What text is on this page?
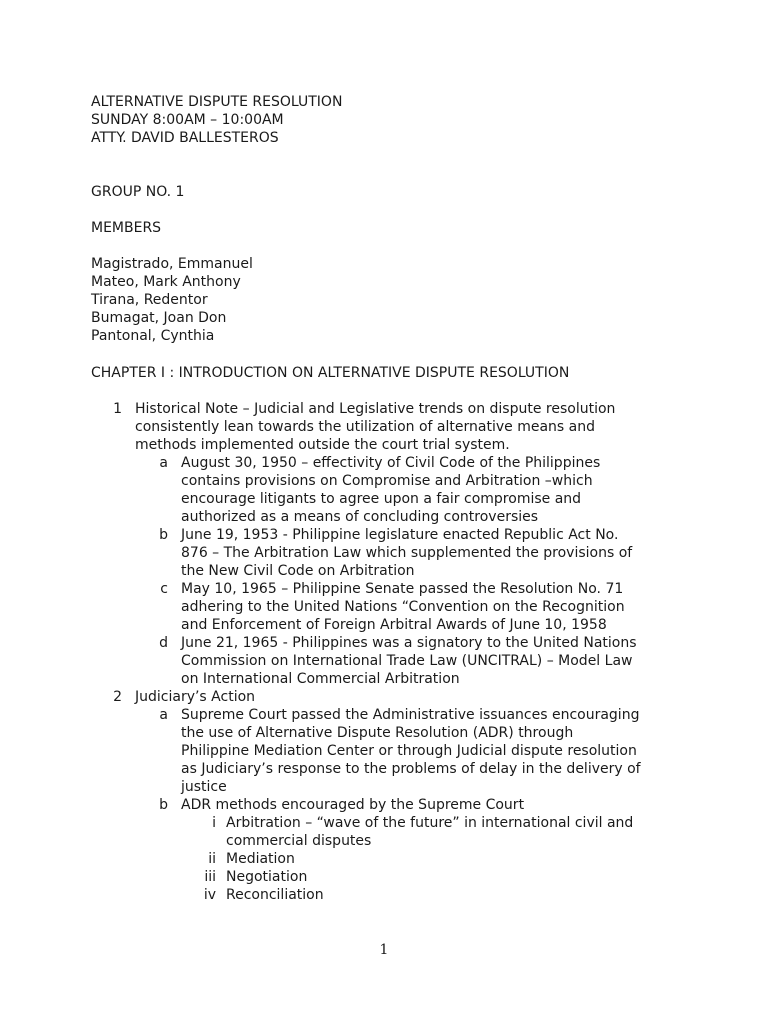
ALTERNATIVE DISPUTE RESOLUTION
SUNDAY 8:00AM – 10:00AM
ATTY. DAVID BALLESTEROS
GROUP NO. 1
MEMBERS
Magistrado, Emmanuel
Mateo, Mark Anthony
Tirana, Redentor
Bumagat, Joan Don
Pantonal, Cynthia
CHAPTER I : INTRODUCTION ON ALTERNATIVE DISPUTE RESOLUTION
1 Historical Note – Judicial and Legislative trends on dispute resolution
consistently lean towards the utilization of alternative means and
methods implemented outside the court trial system.
a August 30, 1950 – effectivity of Civil Code of the Philippines
contains provisions on Compromise and Arbitration –which
encourage litigants to agree upon a fair compromise and
authorized as a means of concluding controversies
b June 19, 1953 - Philippine legislature enacted Republic Act No.
876 – The Arbitration Law which supplemented the provisions of
the New Civil Code on Arbitration
c May 10, 1965 – Philippine Senate passed the Resolution No. 71
adhering to the United Nations “Convention on the Recognition
and Enforcement of Foreign Arbitral Awards of June 10, 1958
d June 21, 1965 - Philippines was a signatory to the United Nations
Commission on International Trade Law (UNCITRAL) – Model Law
on International Commercial Arbitration
2 Judiciary’s Action
a Supreme Court passed the Administrative issuances encouraging
the use of Alternative Dispute Resolution (ADR) through
Philippine Mediation Center or through Judicial dispute resolution
as Judiciary’s response to the problems of delay in the delivery of
justice
b ADR methods encouraged by the Supreme Court
i Arbitration – “wave of the future” in international civil and
commercial disputes
ii Mediation
iii Negotiation
iv Reconciliation
1
